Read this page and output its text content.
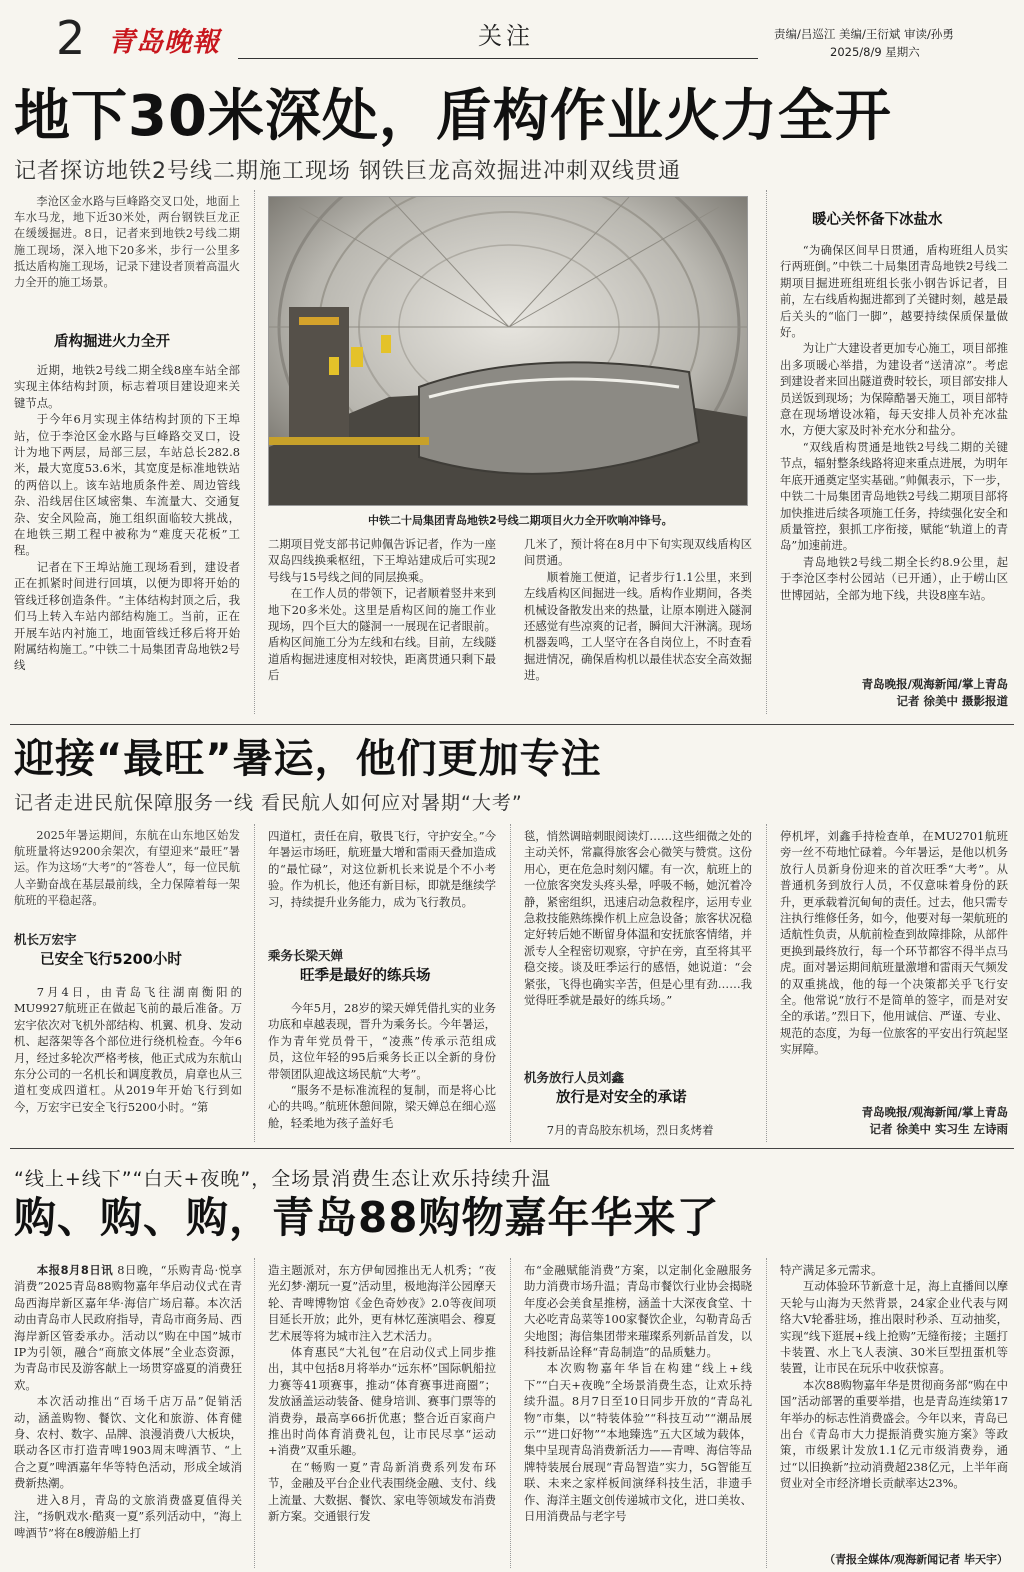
2 青岛晚報	关注	责编/吕巡江 美编/王衍斌 审读/孙勇
2025/8/9 星期六
地下30米深处，盾构作业火力全开
记者探访地铁2号线二期施工现场 钢铁巨龙高效掘进冲刺双线贯通
李沧区金水路与巨峰路交叉口处，地面上车水马龙，地下近30米处，两台钢铁巨龙正在缓缓掘进。8日，记者来到地铁2号线二期施工现场，深入地下20多米，步行一公里多抵达盾构施工现场，记录下建设者顶着高温火力全开的施工场景。
盾构掘进火力全开

近期，地铁2号线二期全线8座车站全部实现主体结构封顶，标志着项目建设迎来关键节点。

于今年6月实现主体结构封顶的下王埠站，位于李沧区金水路与巨峰路交叉口，设计为地下两层，局部三层，车站总长282.8米，最大宽度53.6米，其宽度是标准地铁站的两倍以上。该车站地质条件差、周边管线杂、沿线居住区域密集、车流量大、交通复杂、安全风险高，施工组织面临较大挑战，在地铁三期工程中被称为“难度天花板”工程。

记者在下王埠站施工现场看到，建设者正在抓紧时间进行回填，以便为即将开始的管线迁移创造条件。“主体结构封顶之后，我们马上转入车站内部结构施工。当前，正在开展车站内衬施工，地面管线迁移后将开始附属结构施工。”中铁二十局集团青岛地铁2号线

中铁二十局集团青岛地铁2号线二期项目火力全开吹响冲锋号。

二期项目党支部书记帅佩告诉记者，作为一座双岛四线换乘枢纽，下王埠站建成后可实现2号线与15号线之间的同层换乘。

在工作人员的带领下，记者顺着竖井来到地下20多米处。这里是盾构区间的施工作业现场，四个巨大的隧洞一一展现在记者眼前。盾构区间施工分为左线和右线。目前，左线隧道盾构掘进速度相对较快，距离贯通只剩下最后

几米了，预计将在8月中下旬实现双线盾构区间贯通。

顺着施工便道，记者步行1.1公里，来到左线盾构区间掘进一线。盾构作业期间，各类机械设备散发出来的热量，让原本刚进入隧洞还感觉有些凉爽的记者，瞬间大汗淋漓。现场机器轰鸣，工人坚守在各自岗位上，不时查看掘进情况，确保盾构机以最佳状态安全高效掘进。

暖心关怀备下冰盐水

“为确保区间早日贯通，盾构班组人员实行两班倒。”中铁二十局集团青岛地铁2号线二期项目掘进班组班组长张小钢告诉记者，目前，左右线盾构掘进都到了关键时刻，越是最后关头的“临门一脚”，越要持续保质保量做好。

为让广大建设者更加专心施工，项目部推出多项暖心举措，为建设者“送清凉”。考虑到建设者来回出隧道费时较长，项目部安排人员送饭到现场；为保障酷暑天施工，项目部特意在现场增设冰箱，每天安排人员补充冰盐水，方便大家及时补充水分和盐分。

“双线盾构贯通是地铁2号线二期的关键节点，辐射整条线路将迎来重点进展，为明年年底开通奠定坚实基础。”帅佩表示，下一步，中铁二十局集团青岛地铁2号线二期项目部将加快推进后续各项施工任务，持续强化安全和质量管控，狠抓工序衔接，赋能“轨道上的青岛”加速前进。

青岛地铁2号线二期全长约8.9公里，起于李沧区李村公园站（已开通），止于崂山区世博园站，全部为地下线，共设8座车站。

青岛晚报/观海新闻/掌上青岛
记者 徐美中 摄影报道
迎接“最旺”暑运，他们更加专注
记者走进民航保障服务一线 看民航人如何应对暑期“大考”
2025年暑运期间，东航在山东地区始发航班量将达9200余架次，有望迎来“最旺”暑运。作为这场“大考”的“答卷人”，每一位民航人辛勤奋战在基层最前线，全力保障着每一架航班的平稳起落。
机长万宏宇
已安全飞行5200小时

7月4日，由青岛飞往湖南衡阳的MU9927航班正在做起飞前的最后准备。万宏宇依次对飞机外部结构、机翼、机身、发动机、起落架等各个部位进行绕机检查。今年6月，经过多轮次严格考核，他正式成为东航山东分公司的一名机长和调度教员，肩章也从三道杠变成四道杠。从2019年开始飞行到如今，万宏宇已安全飞行5200小时。“第

四道杠，责任在肩，敬畏飞行，守护安全。”今年暑运市场旺，航班量大增和雷雨天叠加造成的“最忙碌”，对这位新机长来说是个不小考验。作为机长，他还有新目标，即就是继续学习，持续提升业务能力，成为飞行教员。

乘务长梁天婵
旺季是最好的练兵场

今年5月，28岁的梁天婵凭借扎实的业务功底和卓越表现，晋升为乘务长。今年暑运，作为青年党员骨干，“凌燕”传承示范组成员，这位年轻的95后乘务长正以全新的身份带领团队迎战这场民航“大考”。

“服务不是标准流程的复制，而是将心比心的共鸣。”航班休憩间隙，梁天婵总在细心巡舱，轻柔地为孩子盖好毛

毯，悄然调暗刺眼阅读灯……这些细微之处的主动关怀，常赢得旅客会心微笑与赞赏。这份用心，更在危急时刻闪耀。有一次，航班上的一位旅客突发头疼头晕，呼吸不畅，她沉着冷静，紧密组织，迅速启动急救程序，运用专业急救技能熟练操作机上应急设备；旅客状况稳定好转后她不断留身体温和安抚旅客情绪，并派专人全程密切观察，守护在旁，直至将其平稳交接。谈及旺季运行的感悟，她说道：“会紧张，飞得也确实辛苦，但是心里有劲……我觉得旺季就是最好的练兵场。”

机务放行人员刘鑫
放行是对安全的承诺

7月的青岛胶东机场，烈日炙烤着

停机坪，刘鑫手持检查单，在MU2701航班旁一丝不苟地忙碌着。今年暑运，是他以机务放行人员新身份迎来的首次旺季“大考”。从普通机务到放行人员，不仅意味着身份的跃升，更承载着沉甸甸的责任。过去，他只需专注执行维修任务，如今，他要对每一架航班的适航性负责，从航前检查到故障排除，从部件更换到最终放行，每一个环节都容不得半点马虎。面对暑运期间航班量激增和雷雨天气频发的双重挑战，他的每一个决策都关乎飞行安全。他常说“放行不是简单的签字，而是对安全的承诺。”烈日下，他用诚信、严谨、专业、规范的态度，为每一位旅客的平安出行筑起坚实屏障。

青岛晚报/观海新闻/掌上青岛
记者 徐美中 实习生 左诗雨
“线上+线下”“白天+夜晚”，全场景消费生态让欢乐持续升温
购、购、购，青岛88购物嘉年华来了

本报8月8日讯 8日晚，“乐购青岛·悦享消费”2025青岛88购物嘉年华启动仪式在青岛西海岸新区嘉年华·海信广场启幕。本次活动由青岛市人民政府指导，青岛市商务局、西海岸新区管委承办。活动以“购在中国”城市IP为引领，融合“商旅文体展”全业态资源，为青岛市民及游客献上一场贯穿盛夏的消费狂欢。

本次活动推出“百场千店万品”促销活动，涵盖购物、餐饮、文化和旅游、体育健身、农村、数字、品牌、浪漫消费八大板块，联动各区市打造青啤1903周末啤酒节、“上合之夏”啤酒嘉年华等特色活动，形成全域消费新热潮。

进入8月，青岛的文旅消费盛夏值得关注，“扬帆戏水·酷爽一夏”系列活动中，“海上啤酒节”将在8艘游船上打

造主题派对，东方伊甸园推出无人机秀；“夜光幻梦·潮玩一夏”活动里，极地海洋公园摩天轮、青啤博物馆《金色奇妙夜》2.0等夜间项目延长开放；此外，更有林忆莲演唱会、穆夏艺术展等将为城市注入艺术活力。

体育惠民“大礼包”在启动仪式上同步推出，其中包括8月将举办“远东杯”国际帆船拉力赛等41项赛事，推动“体育赛事进商圈”；发放涵盖运动装备、健身培训、赛事门票等的消费券，最高享66折优惠；整合近百家商户推出时尚体育消费礼包，让市民尽享“运动+消费”双重乐趣。

在“畅购一夏”青岛新消费系列发布环节，金融及平台企业代表围绕金融、支付、线上流量、大数据、餐饮、家电等领域发布消费新方案。交通银行发

布“金融赋能消费”方案，以定制化金融服务助力消费市场升温；青岛市餐饮行业协会揭晓年度必会美食星推榜，涵盖十大深夜食堂、十大必吃青岛菜等100家餐饮企业，勾勒青岛舌尖地图；海信集团带来璀璨系列新品首发，以科技新品诠释“青岛制造”的品质魅力。

本次购物嘉年华旨在构建“线上+线下”“白天+夜晚”全场景消费生态，让欢乐持续升温。8月7日至10日同步开放的“青岛礼物”市集，以“特装体验”“科技互动”“潮品展示”“进口好物”“本地臻选”五大区域为载体，集中呈现青岛消费新活力——青啤、海信等品牌特装展台展现“青岛智造”实力，5G智能互联、未来之家样板间演绎科技生活，非遗手作、海洋主题文创传递城市文化，进口美妆、日用消费品与老字号

特产满足多元需求。

互动体验环节新意十足，海上直播间以摩天轮与山海为天然背景，24家企业代表与网络大V轮番驻场，推出限时秒杀、互动抽奖，实现“线下逛展+线上抢购”无缝衔接；主题打卡装置、水上飞人表演、30米巨型扭蛋机等装置，让市民在玩乐中收获惊喜。

本次88购物嘉年华是贯彻商务部“购在中国”活动部署的重要举措，也是青岛连续第17年举办的标志性消费盛会。今年以来，青岛已出台《青岛市大力提振消费实施方案》等政策，市级累计发放1.1亿元市级消费券，通过“以旧换新”拉动消费超238亿元，上半年商贸业对全市经济增长贡献率达23%。

（青报全媒体/观海新闻记者 毕天宇）
